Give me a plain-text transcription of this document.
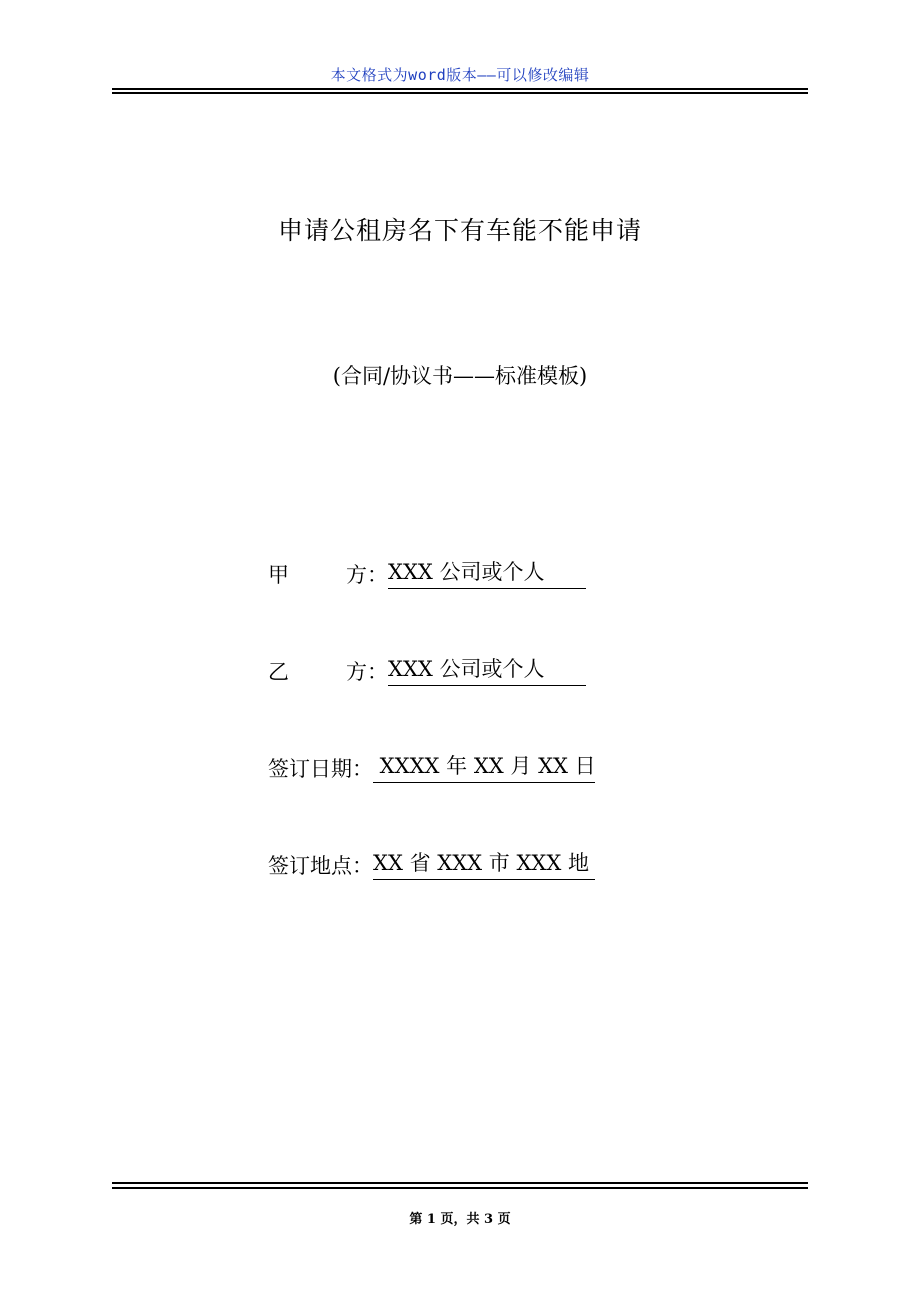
本文格式为word版本——可以修改编辑
申请公租房名下有车能不能申请
(合同/协议书——标准模板)
甲	方： XXX 公司或个人
乙	方： XXX 公司或个人
签订日期： XXXX 年 XX 月 XX 日
签订地点： XX 省 XXX 市 XXX 地
第 1 页，共 3 页
